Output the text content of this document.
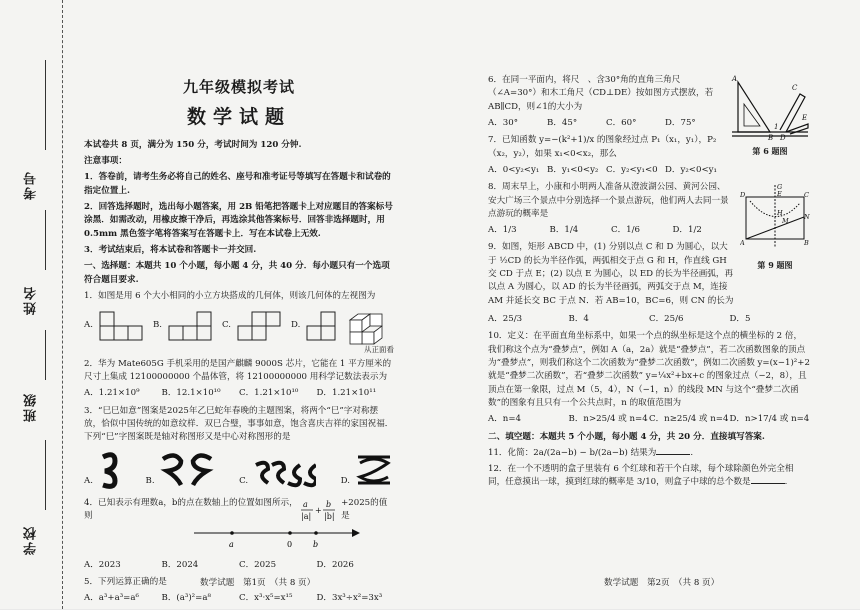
考号
姓名
班级
学校
九年级模拟考试
数学试题

本试卷共 8 页，满分为 150 分，考试时间为 120 分钟.

注意事项：

1．答卷前，请考生务必将自己的姓名、座号和准考证号等填写在答题卡和试卷的指定位置上.

2．回答选择题时，选出每小题答案，用 2B 铅笔把答题卡上对应题目的答案标号涂黑．如需改动，用橡皮擦干净后，再选涂其他答案标号．回答非选择题时，用 0.5mm 黑色签字笔将答案写在答题卡上．写在本试卷上无效.

3．考试结束后，将本试卷和答题卡一并交回.

一、选择题：本题共 10 个小题，每小题 4 分，共 40 分．每小题只有一个选项符合题目要求.

1．如图是用 6 个大小相同的小立方块搭成的几何体，则该几何体的左视图为

A.	B.	C.	D.
从正面看

2．华为 Mate605G 手机采用的是国产麒麟 9000S 芯片，它能在 1 平方厘米的尺寸上集成 12100000000 个晶体管，将 12100000000 用科学记数法表示为

A．1.21×10⁹	B．12.1×10¹⁰	C．1.21×10¹⁰	D．1.21×10¹¹

3．“巳巳如意”图案是2025年乙巳蛇年春晚的主题图案，将两个“巳”字对称摆放，恰似中国传统的如意纹样．双巳合璧，事事如意，饱含喜庆吉祥的家国祝福．下列“巳”字图案既是轴对称图形又是中心对称图形的是

A.	B.	C.	D.
4．已知表示有理数a，b的点在数轴上的位置如图所示，则
a
|a|
+
b
|b|
+2025的值是
a	0	b
A．2023	B．2024	C．2025	D．2026

5．下列运算正确的是

A．a³+a³=a⁶	B．(a³)²=a⁸	C．x³·x⁵=x¹⁵	D．3x³÷x²=3x³
数学试题　第1页　（共 8 页）

6．在同一平面内，将尺ㅤ、含30°角的直角三角尺（∠A=30°）和木工角尺（CD⊥DE）按如图方式摆放，若 AB∥CD，则∠1的大小为

A．30°	B．45°	C．60°	D．75°

7．已知函数 y=−(k²+1)/x 的图象经过点 P₁（x₁，y₁），P₂（x₂，y₂），如果 x₁<0<x₂，那么

A．0<y₂<y₁ B．y₁<0<y₂ C．y₂<y₁<0 D．y₂<0<y₁
A
C
D
B
E
1
第 6 题图

8．周末早上，小康和小明两人准备从澄波湖公园、黄河公园、安大广场三个景点中分别选择一个景点游玩，他们两人去同一景点游玩的概率是

A．1/3	B．1/4	C．1/6	D．1/2

9．如图，矩形 ABCD 中，(1) 分别以点 C 和 D 为圆心，以大于 ½CD 的长为半径作弧，两弧相交于点 G 和 H，作直线 GH 交 CD 于点 E；(2) 以点 E 为圆心，以 ED 的长为半径画弧，再以点 A 为圆心，以 AD 的长为半径画弧，两弧交于点 M，连接 AM 并延长交 BC 于点 N．若 AB=10，BC=6，则 CN 的长为

D
G
E	C
H
M N
A	B
第 9 题图
A．25/3	B．4	C．25/6	D．5

10．定义：在平面直角坐标系中，如果一个点的纵坐标是这个点的横坐标的 2 倍，我们称这个点为“叠梦点”，例如 A（a，2a）就是“叠梦点”，若二次函数图象的顶点为“叠梦点”，则我们称这个二次函数为“叠梦二次函数”，例如二次函数 y=(x−1)²+2 就是“叠梦二次函数”，若“叠梦二次函数” y=¼x²+bx+c 的图象过点（−2，8），且顶点在第一象限，过点 M（5，4），N（−1，n）的线段 MN 与这个“叠梦二次函数”的图象有且只有一个公共点时，n 的取值范围为

A．n=4	B．n>25/4 或 n=4 C．n≥25/4 或 n=4 D．n>17/4 或 n=4

二、填空题：本题共 5 个小题，每小题 4 分，共 20 分．直接填写答案.

11．化简：2a/(2a−b) − b/(2a−b) 结果为	.

12．在一个不透明的盒子里装有 6 个红球和若干个白球，每个球除颜色外完全相同，任意摸出一球，摸到红球的概率是 3/10，则盒子中球的总个数是	.

数学试题　第2页　（共 8 页）
